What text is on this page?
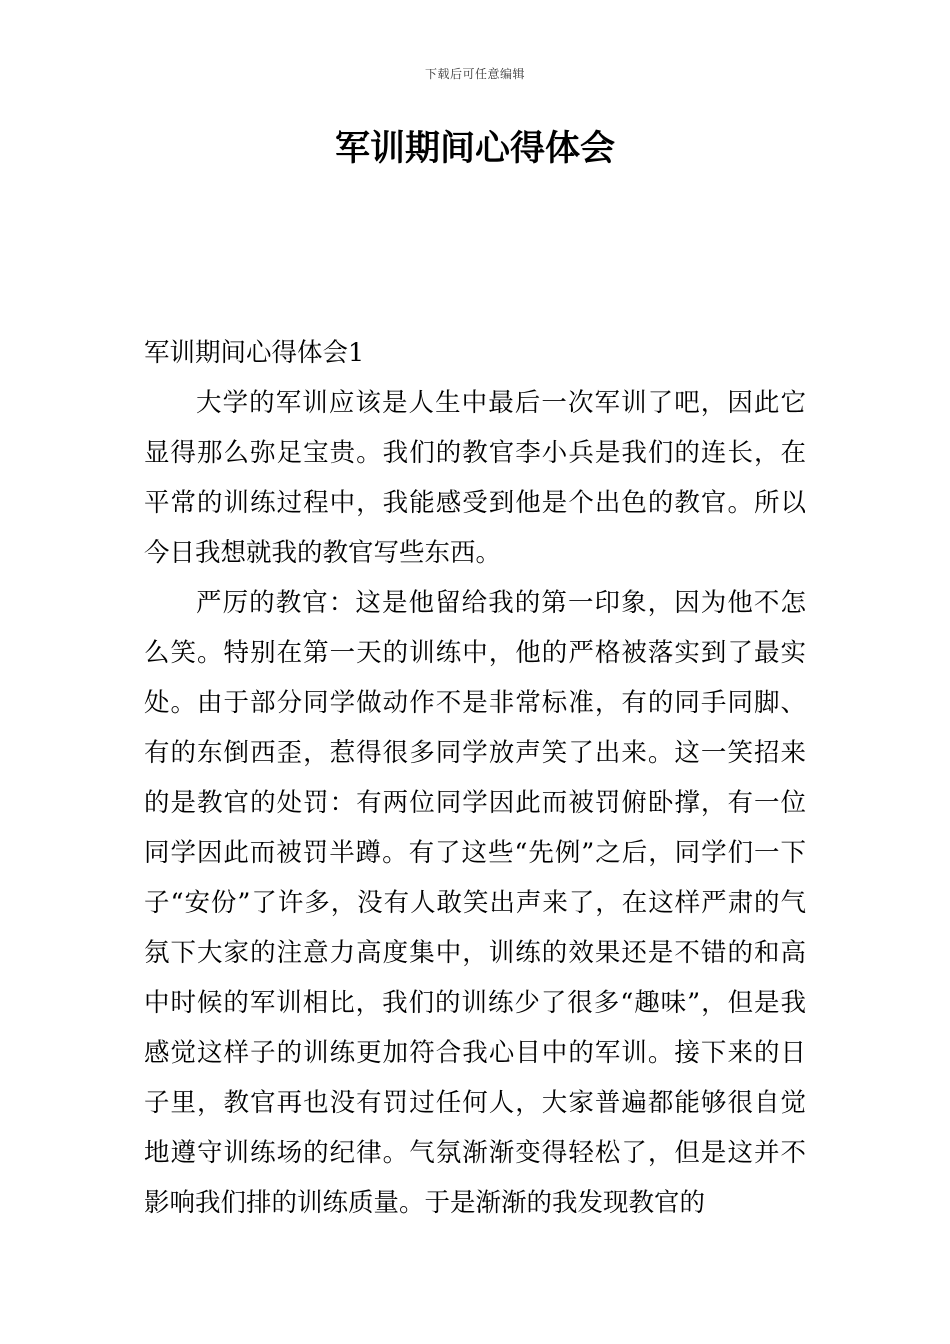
下载后可任意编辑
军训期间心得体会
军训期间心得体会1

大学的军训应该是人生中最后一次军训了吧，因此它显得那么弥足宝贵。我们的教官李小兵是我们的连长，在平常的训练过程中，我能感受到他是个出色的教官。所以今日我想就我的教官写些东西。

严厉的教官：这是他留给我的第一印象，因为他不怎么笑。特别在第一天的训练中，他的严格被落实到了最实处。由于部分同学做动作不是非常标准，有的同手同脚、有的东倒西歪，惹得很多同学放声笑了出来。这一笑招来的是教官的处罚：有两位同学因此而被罚俯卧撑，有一位同学因此而被罚半蹲。有了这些“先例”之后，同学们一下子“安份”了许多，没有人敢笑出声来了，在这样严肃的气氛下大家的注意力高度集中，训练的效果还是不错的和高中时候的军训相比，我们的训练少了很多“趣味”，但是我感觉这样子的训练更加符合我心目中的军训。接下来的日子里，教官再也没有罚过任何人，大家普遍都能够很自觉地遵守训练场的纪律。气氛渐渐变得轻松了，但是这并不影响我们排的训练质量。于是渐渐的我发现教官的
